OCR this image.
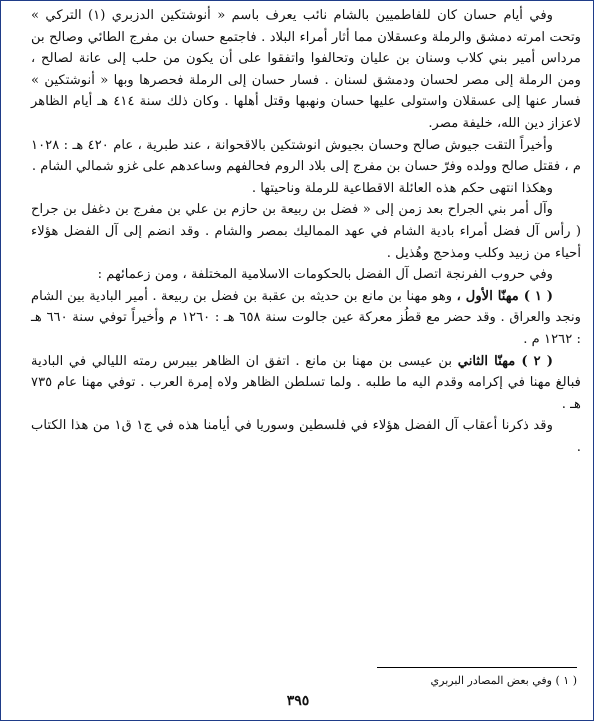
وفي أيام حسان كان للفاطميين بالشام نائب يعرف باسم « أنوشتكين الدزبري (١) التركي » وتحت امرته دمشق والرملة وعسقلان مما أثار أمراء البلاد . فاجتمع حسان بن مفرج الطائي وصالح بن مرداس أمير بني كلاب وسنان بن عليان وتحالفوا واتفقوا على أن يكون من حلب إلى عانة لصالح ، ومن الرملة إلى مصر لحسان ودمشق لسنان . فسار حسان إلى الرملة فحصرها وبها « أنوشتكين » فسار عنها إلى عسقلان واستولى عليها حسان ونهبها وقتل أهلها . وكان ذلك سنة ٤١٤ هـ أيام الظاهر لاعزاز دين الله، خليفة مصر.

وأخيراً التقت جيوش صالح وحسان بجيوش انوشتكين بالاقحوانة ، عند طبرية ، عام ٤٢٠ هـ : ١٠٢٨ م ، فقتل صالح وولده وفرّ حسان بن مفرج إلى بلاد الروم فحالفهم وساعدهم على غزو شمالي الشام .

وهكذا انتهى حكم هذه العائلة الاقطاعية للرملة وناحيتها .

وآل أمر بني الجراح بعد زمن إلى « فضل بن ربيعة بن حازم بن علي بن مفرج بن دغفل بن جراح ( رأس آل فضل أمراء بادية الشام في عهد المماليك بمصر والشام . وقد انضم إلى آل الفضل هؤلاء أحياء من زبيد وكلب ومذحج وهُذيل .

وفي حروب الفرنجة اتصل آل الفضل بالحكومات الاسلامية المختلفة ، ومن زعمائهم :

( ١ ) مهنّا الأول ، وهو مهنا بن مانع بن حديثه بن عقبة بن فضل بن ربيعة . أمير البادية بين الشام ونجد والعراق . وقد حضر مع قطُز معركة عين جالوت سنة ٦٥٨ هـ : ١٢٦٠ م وأخيراً توفي سنة ٦٦٠ هـ : ١٢٦٢ م .

( ٢ ) مهنّا الثاني بن عيسى بن مهنا بن مانع . اتفق ان الظاهر بيبرس رمته الليالي في البادية فبالغ مهنا في إكرامه وقدم اليه ما طلبه . ولما تسلطن الظاهر ولاه إمرة العرب . توفي مهنا عام ٧٣٥ هـ .

وقد ذكرنا أعقاب آل الفضل هؤلاء في فلسطين وسوريا في أيامنا هذه في ج١ ق١ من هذا الكتاب .

( ١ ) وفي بعض المصادر البربري
٣٩٥
